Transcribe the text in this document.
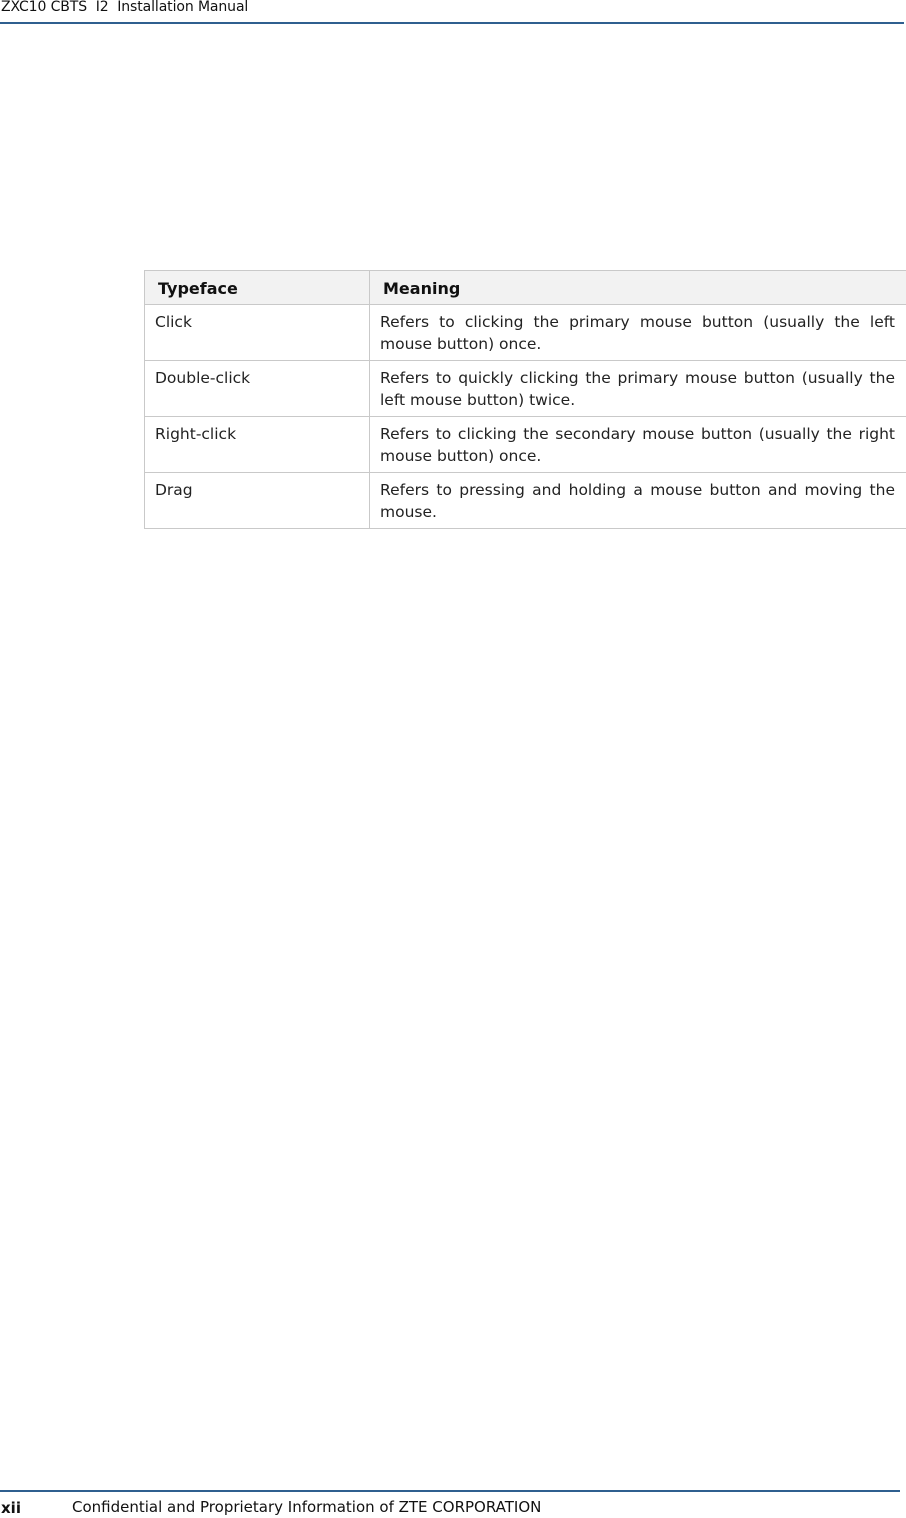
ZXC10 CBTS  I2  Installation Manual
Typeface	Meaning
Click	Refers to clicking the primary mouse button (usually the left mouse button) once.
Double-click	Refers to quickly clicking the primary mouse button (usually the left mouse button) twice.
Right-click	Refers to clicking the secondary mouse button (usually the right mouse button) once.
Drag	Refers to pressing and holding a mouse button and moving the mouse.
xii	Confidential and Proprietary Information of ZTE CORPORATION
